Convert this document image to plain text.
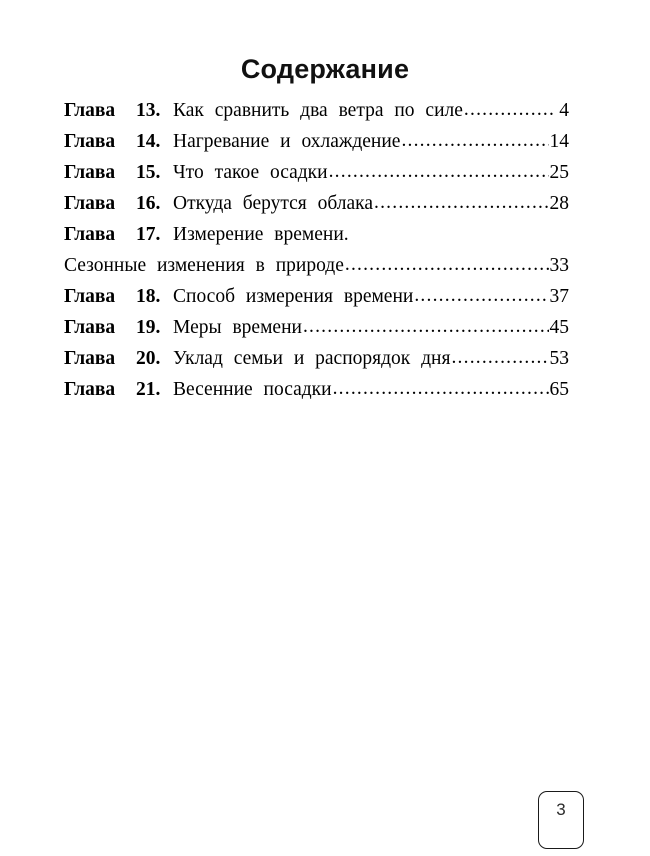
Содержание
Глава	13. Как сравнить два ветра по силе .....	4
Глава	14. Нагревание и охлаждение .....	14
Глава	15. Что такое осадки .....	25
Глава	16. Откуда берутся облака .....	28
Глава	17. Измерение времени.
Сезонные изменения в природе .....	33
Глава	18. Способ измерения времени .....	37
Глава	19. Меры времени .....	45
Глава	20. Уклад семьи и распорядок дня .....	53
Глава	21. Весенние посадки .....	65
3
